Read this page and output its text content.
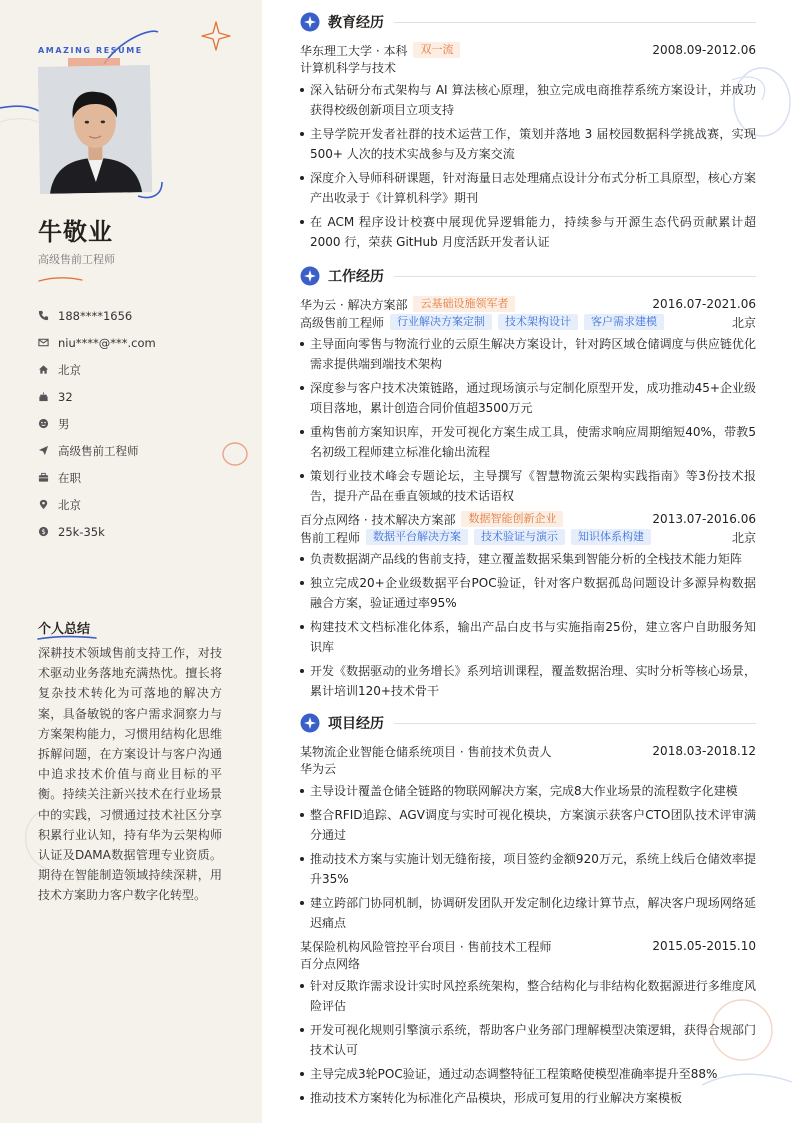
AMAZING RESUME
牛敬业
高级售前工程师
188****1656
niu****@***.com
北京
32
男
高级售前工程师
在职
北京
$ 25k-35k
个人总结
深耕技术领域售前支持工作，对技术驱动业务落地充满热忱。擅长将复杂技术转化为可落地的解决方案，具备敏锐的客户需求洞察力与方案架构能力，习惯用结构化思维拆解问题，在方案设计与客户沟通中追求技术价值与商业目标的平衡。持续关注新兴技术在行业场景中的实践，习惯通过技术社区分享积累行业认知，持有华为云架构师认证及DAMA数据管理专业资质。期待在智能制造领域持续深耕，用技术方案助力客户数字化转型。
教育经历
华东理工大学 · 本科	双一流	2008.09-2012.06
计算机科学与技术
深入钻研分布式架构与 AI 算法核心原理，独立完成电商推荐系统方案设计，并成功获得校级创新项目立项支持
主导学院开发者社群的技术运营工作，策划并落地 3 届校园数据科学挑战赛，实现 500+ 人次的技术实战参与及方案交流
深度介入导师科研课题，针对海量日志处理痛点设计分布式分析工具原型，核心方案产出收录于《计算机科学》期刊
在 ACM 程序设计校赛中展现优异逻辑能力，持续参与开源生态代码贡献累计超 2000 行，荣获 GitHub 月度活跃开发者认证
工作经历
华为云 · 解决方案部	云基础设施领军者	2016.07-2021.06
高级售前工程师	行业解决方案定制	技术架构设计	客户需求建模	北京
主导面向零售与物流行业的云原生解决方案设计，针对跨区域仓储调度与供应链优化需求提供端到端技术架构
深度参与客户技术决策链路，通过现场演示与定制化原型开发，成功推动45+企业级项目落地，累计创造合同价值超3500万元
重构售前方案知识库，开发可视化方案生成工具，使需求响应周期缩短40%，带教5名初级工程师建立标准化输出流程
策划行业技术峰会专题论坛，主导撰写《智慧物流云架构实践指南》等3份技术报告，提升产品在垂直领域的技术话语权
百分点网络 · 技术解决方案部	数据智能创新企业	2013.07-2016.06
售前工程师	数据平台解决方案	技术验证与演示	知识体系构建	北京
负责数据湖产品线的售前支持，建立覆盖数据采集到智能分析的全栈技术能力矩阵
独立完成20+企业级数据平台POC验证，针对客户数据孤岛问题设计多源异构数据融合方案，验证通过率95%
构建技术文档标准化体系，输出产品白皮书与实施指南25份，建立客户自助服务知识库
开发《数据驱动的业务增长》系列培训课程，覆盖数据治理、实时分析等核心场景，累计培训120+技术骨干
项目经历
某物流企业智能仓储系统项目 · 售前技术负责人	2018.03-2018.12
华为云
主导设计覆盖仓储全链路的物联网解决方案，完成8大作业场景的流程数字化建模
整合RFID追踪、AGV调度与实时可视化模块，方案演示获客户CTO团队技术评审满分通过
推动技术方案与实施计划无缝衔接，项目签约金额920万元，系统上线后仓储效率提升35%
建立跨部门协同机制，协调研发团队开发定制化边缘计算节点，解决客户现场网络延迟痛点
某保险机构风险管控平台项目 · 售前技术工程师	2015.05-2015.10
百分点网络
针对反欺诈需求设计实时风控系统架构，整合结构化与非结构化数据源进行多维度风险评估
开发可视化规则引擎演示系统，帮助客户业务部门理解模型决策逻辑，获得合规部门技术认可
主导完成3轮POC验证，通过动态调整特征工程策略使模型准确率提升至88%
推动技术方案转化为标准化产品模块，形成可复用的行业解决方案模板
